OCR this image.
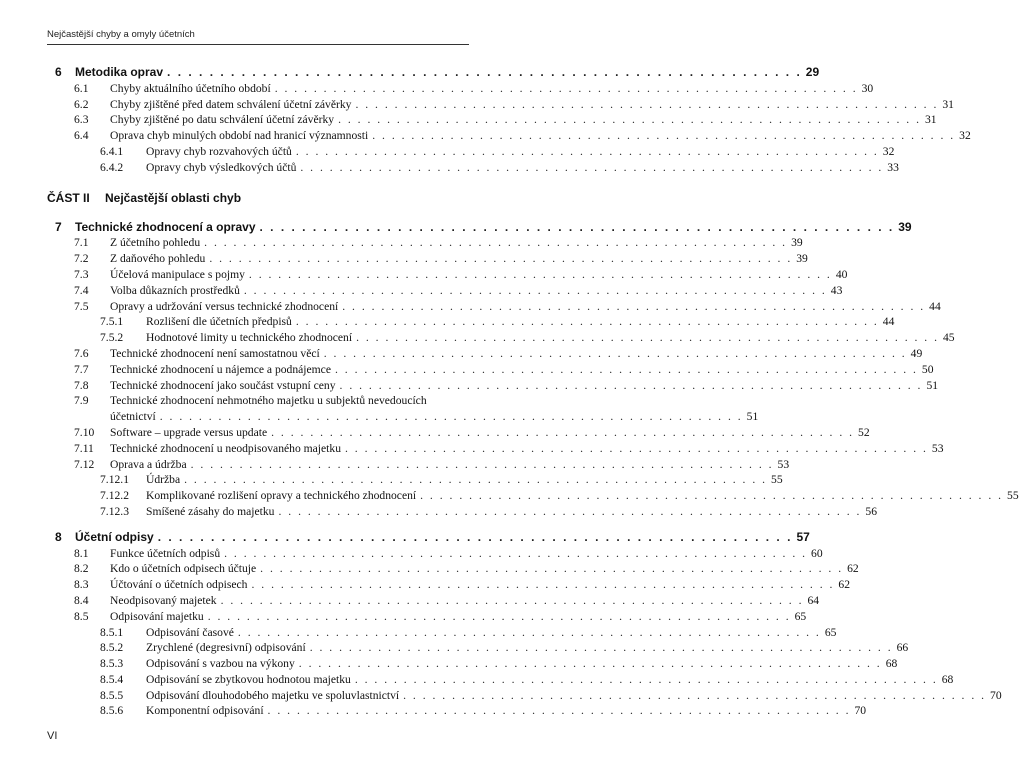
Nejčastější chyby a omyly účetních
6	Metodika oprav . . . . . . . . . . . . . . . . . . . . . . . . . . . . . . . . . . . . . . . . . . . . . . . . . . . . . . . . . . . . 29
6.1	Chyby aktuálního účetního období . . . . . . . . . . . . . . . . . . . . . . . . . . . . . . . . . . . . . . . . . . . . . . . . . . . . . . . . . . . . 30
6.2	Chyby zjištěné před datem schválení účetní závěrky . . . . . . . . . . . . . . . . . . . . . . . . . . . . . . . . . . . . . . . . . . . . . . . . . . . . . . . . . . . . 31
6.3	Chyby zjištěné po datu schválení účetní závěrky . . . . . . . . . . . . . . . . . . . . . . . . . . . . . . . . . . . . . . . . . . . . . . . . . . . . . . . . . . . . 31
6.4	Oprava chyb minulých období nad hranicí významnosti . . . . . . . . . . . . . . . . . . . . . . . . . . . . . . . . . . . . . . . . . . . . . . . . . . . . . . . . . . . . 32
6.4.1	Opravy chyb rozvahových účtů . . . . . . . . . . . . . . . . . . . . . . . . . . . . . . . . . . . . . . . . . . . . . . . . . . . . . . . . . . . . 32
6.4.2	Opravy chyb výsledkových účtů . . . . . . . . . . . . . . . . . . . . . . . . . . . . . . . . . . . . . . . . . . . . . . . . . . . . . . . . . . . . 33
ČÁST II	Nejčastější oblasti chyb
7	Technické zhodnocení a opravy . . . . . . . . . . . . . . . . . . . . . . . . . . . . . . . . . . . . . . . . . . . . . . . . . . . . . . . . . . . . 39
7.1	Z účetního pohledu . . . . . . . . . . . . . . . . . . . . . . . . . . . . . . . . . . . . . . . . . . . . . . . . . . . . . . . . . . . . 39
7.2	Z daňového pohledu . . . . . . . . . . . . . . . . . . . . . . . . . . . . . . . . . . . . . . . . . . . . . . . . . . . . . . . . . . . . 39
7.3	Účelová manipulace s pojmy . . . . . . . . . . . . . . . . . . . . . . . . . . . . . . . . . . . . . . . . . . . . . . . . . . . . . . . . . . . . 40
7.4	Volba důkazních prostředků . . . . . . . . . . . . . . . . . . . . . . . . . . . . . . . . . . . . . . . . . . . . . . . . . . . . . . . . . . . . 43
7.5	Opravy a udržování versus technické zhodnocení . . . . . . . . . . . . . . . . . . . . . . . . . . . . . . . . . . . . . . . . . . . . . . . . . . . . . . . . . . . . 44
7.5.1	Rozlišení dle účetních předpisů . . . . . . . . . . . . . . . . . . . . . . . . . . . . . . . . . . . . . . . . . . . . . . . . . . . . . . . . . . . . 44
7.5.2	Hodnotové limity u technického zhodnocení . . . . . . . . . . . . . . . . . . . . . . . . . . . . . . . . . . . . . . . . . . . . . . . . . . . . . . . . . . . . 45
7.6	Technické zhodnocení není samostatnou věcí . . . . . . . . . . . . . . . . . . . . . . . . . . . . . . . . . . . . . . . . . . . . . . . . . . . . . . . . . . . . 49
7.7	Technické zhodnocení u nájemce a podnájemce . . . . . . . . . . . . . . . . . . . . . . . . . . . . . . . . . . . . . . . . . . . . . . . . . . . . . . . . . . . . 50
7.8	Technické zhodnocení jako součást vstupní ceny . . . . . . . . . . . . . . . . . . . . . . . . . . . . . . . . . . . . . . . . . . . . . . . . . . . . . . . . . . . . 51
7.9	Technické zhodnocení nehmotného majetku u subjektů nevedoucích
účetnictví . . . . . . . . . . . . . . . . . . . . . . . . . . . . . . . . . . . . . . . . . . . . . . . . . . . . . . . . . . . . 51
7.10	Software – upgrade versus update . . . . . . . . . . . . . . . . . . . . . . . . . . . . . . . . . . . . . . . . . . . . . . . . . . . . . . . . . . . . 52
7.11	Technické zhodnocení u neodpisovaného majetku . . . . . . . . . . . . . . . . . . . . . . . . . . . . . . . . . . . . . . . . . . . . . . . . . . . . . . . . . . . . 53
7.12	Oprava a údržba . . . . . . . . . . . . . . . . . . . . . . . . . . . . . . . . . . . . . . . . . . . . . . . . . . . . . . . . . . . . 53
7.12.1	Údržba . . . . . . . . . . . . . . . . . . . . . . . . . . . . . . . . . . . . . . . . . . . . . . . . . . . . . . . . . . . . 55
7.12.2	Komplikované rozlišení opravy a technického zhodnocení . . . . . . . . . . . . . . . . . . . . . . . . . . . . . . . . . . . . . . . . . . . . . . . . . . . . . . . . . . . . 55
7.12.3	Smíšené zásahy do majetku . . . . . . . . . . . . . . . . . . . . . . . . . . . . . . . . . . . . . . . . . . . . . . . . . . . . . . . . . . . . 56
8	Účetní odpisy . . . . . . . . . . . . . . . . . . . . . . . . . . . . . . . . . . . . . . . . . . . . . . . . . . . . . . . . . . . . 57
8.1	Funkce účetních odpisů . . . . . . . . . . . . . . . . . . . . . . . . . . . . . . . . . . . . . . . . . . . . . . . . . . . . . . . . . . . . 60
8.2	Kdo o účetních odpisech účtuje . . . . . . . . . . . . . . . . . . . . . . . . . . . . . . . . . . . . . . . . . . . . . . . . . . . . . . . . . . . . 62
8.3	Účtování o účetních odpisech . . . . . . . . . . . . . . . . . . . . . . . . . . . . . . . . . . . . . . . . . . . . . . . . . . . . . . . . . . . . 62
8.4	Neodpisovaný majetek . . . . . . . . . . . . . . . . . . . . . . . . . . . . . . . . . . . . . . . . . . . . . . . . . . . . . . . . . . . . 64
8.5	Odpisování majetku . . . . . . . . . . . . . . . . . . . . . . . . . . . . . . . . . . . . . . . . . . . . . . . . . . . . . . . . . . . . 65
8.5.1	Odpisování časové . . . . . . . . . . . . . . . . . . . . . . . . . . . . . . . . . . . . . . . . . . . . . . . . . . . . . . . . . . . . 65
8.5.2	Zrychlené (degresivní) odpisování . . . . . . . . . . . . . . . . . . . . . . . . . . . . . . . . . . . . . . . . . . . . . . . . . . . . . . . . . . . . 66
8.5.3	Odpisování s vazbou na výkony . . . . . . . . . . . . . . . . . . . . . . . . . . . . . . . . . . . . . . . . . . . . . . . . . . . . . . . . . . . . 68
8.5.4	Odpisování se zbytkovou hodnotou majetku . . . . . . . . . . . . . . . . . . . . . . . . . . . . . . . . . . . . . . . . . . . . . . . . . . . . . . . . . . . . 68
8.5.5	Odpisování dlouhodobého majetku ve spoluvlastnictví . . . . . . . . . . . . . . . . . . . . . . . . . . . . . . . . . . . . . . . . . . . . . . . . . . . . . . . . . . . . 70
8.5.6	Komponentní odpisování . . . . . . . . . . . . . . . . . . . . . . . . . . . . . . . . . . . . . . . . . . . . . . . . . . . . . . . . . . . . 70
VI
